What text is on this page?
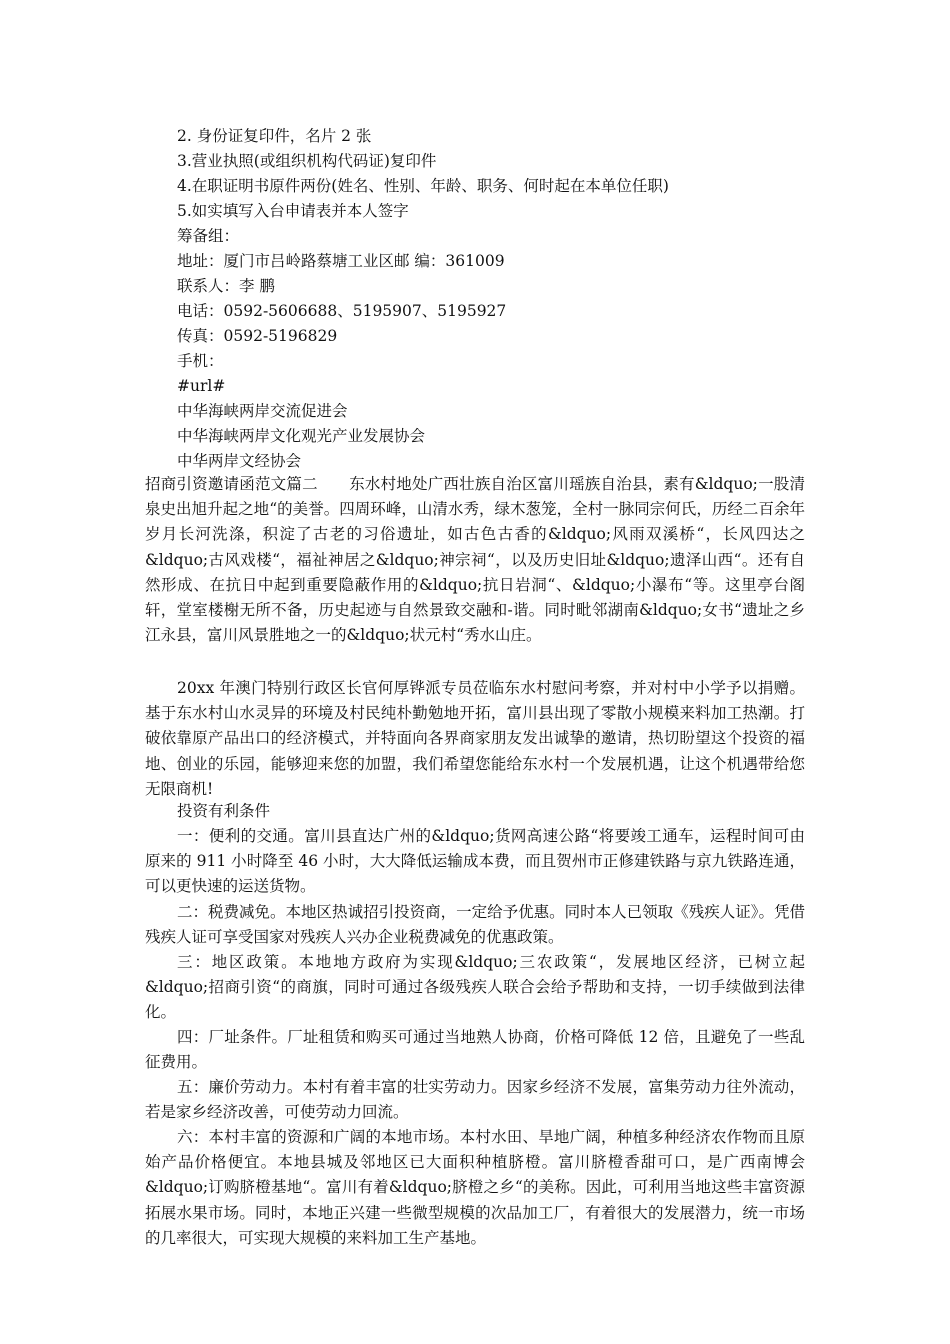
2. 身份证复印件，名片 2 张
3.营业执照(或组织机构代码证)复印件
4.在职证明书原件两份(姓名、性别、年龄、职务、何时起在本单位任职)
5.如实填写入台申请表并本人签字
筹备组：
地址：厦门市吕岭路蔡塘工业区邮 编：361009
联系人：李 鹏
电话：0592-5606688、5195907、5195927
传真：0592-5196829
手机：
#url#
中华海峡两岸交流促进会
中华海峡两岸文化观光产业发展协会
中华两岸文经协会

招商引资邀请函范文篇二　　东水村地处广西壮族自治区富川瑶族自治县，素有&ldquo;一股清泉史出旭升起之地“的美誉。四周环峰，山清水秀，绿木葱笼，全村一脉同宗何氏，历经二百余年岁月长河洗涤，积淀了古老的习俗遗址，如古色古香的&ldquo;风雨双溪桥“，长风四达之&ldquo;古风戏楼“，福祉神居之&ldquo;神宗祠“，以及历史旧址&ldquo;遗泽山西“。还有自然形成、在抗日中起到重要隐蔽作用的&ldquo;抗日岩洞“、&ldquo;小瀑布“等。这里亭台阁轩，堂室楼榭无所不备，历史起迹与自然景致交融和-谐。同时毗邻湖南&ldquo;女书“遗址之乡江永县，富川风景胜地之一的&ldquo;状元村“秀水山庄。

20xx 年澳门特别行政区长官何厚铧派专员莅临东水村慰问考察，并对村中小学予以捐赠。基于东水村山水灵异的环境及村民纯朴勤勉地开拓，富川县出现了零散小规模来料加工热潮。打破依靠原产品出口的经济模式，并特面向各界商家朋友发出诚挚的邀请，热切盼望这个投资的福地、创业的乐园，能够迎来您的加盟，我们希望您能给东水村一个发展机遇，让这个机遇带给您无限商机!

投资有利条件

一：便利的交通。富川县直达广州的&ldquo;货网高速公路“将要竣工通车，运程时间可由原来的 911 小时降至 46 小时，大大降低运输成本费，而且贺州市正修建铁路与京九铁路连通，可以更快速的运送货物。

二：税费减免。本地区热诚招引投资商，一定给予优惠。同时本人已领取《残疾人证》。凭借残疾人证可享受国家对残疾人兴办企业税费减免的优惠政策。

三：地区政策。本地地方政府为实现&ldquo;三农政策“，发展地区经济，已树立起&ldquo;招商引资“的商旗，同时可通过各级残疾人联合会给予帮助和支持，一切手续做到法律化。

四：厂址条件。厂址租赁和购买可通过当地熟人协商，价格可降低 12 倍，且避免了一些乱征费用。

五：廉价劳动力。本村有着丰富的壮实劳动力。因家乡经济不发展，富集劳动力往外流动，若是家乡经济改善，可使劳动力回流。

六：本村丰富的资源和广阔的本地市场。本村水田、旱地广阔，种植多种经济农作物而且原始产品价格便宜。本地县城及邻地区已大面积种植脐橙。富川脐橙香甜可口，是广西南博会&ldquo;订购脐橙基地“。富川有着&ldquo;脐橙之乡“的美称。因此，可利用当地这些丰富资源拓展水果市场。同时，本地正兴建一些微型规模的次品加工厂，有着很大的发展潜力，统一市场的几率很大，可实现大规模的来料加工生产基地。
